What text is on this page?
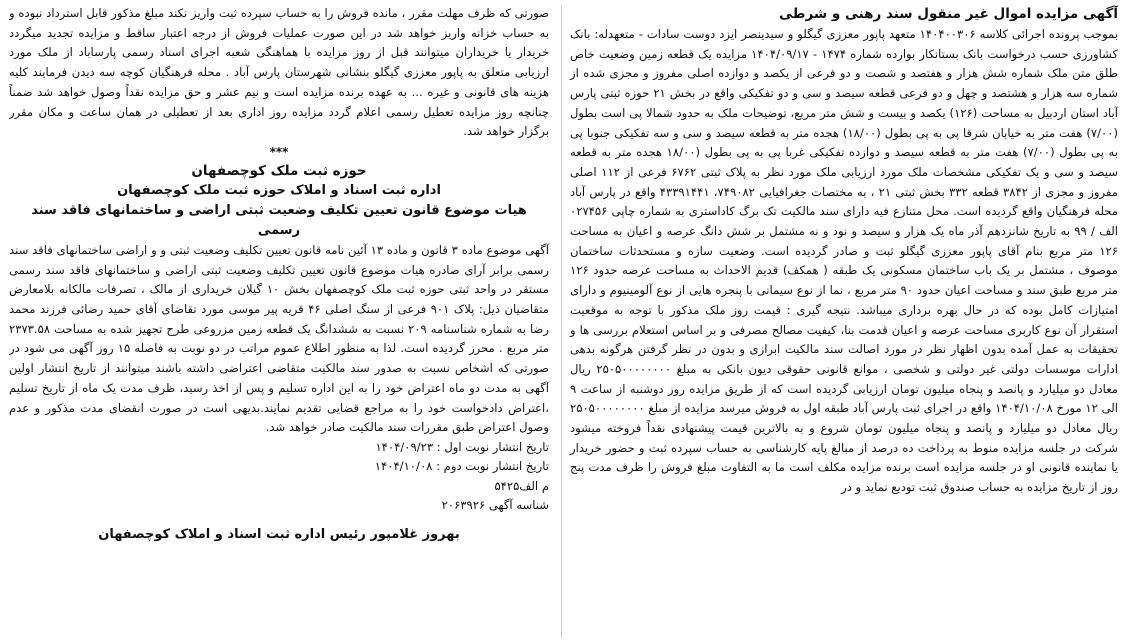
آگهی مزایده اموال غیر منقول سند رهنی و شرطی

بموجب پرونده اجرائی کلاسه ۱۴۰۴۰۰۳۰۶ متعهد پاپور معززی گیگلو و سیدینصر ایزد دوست سادات - متعهدله: بانک کشاورزی حسب درخواست بانک بستانکار بوارده شماره ۱۴۷۴ - ۱۴۰۴/۰۹/۱۷ مزایده یک قطعه زمین وضعیت خاص طلق متن ملک شماره شش هزار و هفتصد و شصت و دو فرعی از یکصد و دوازده اصلی مفروز و مجزی شده از شماره سه هزار و هشتصد و چهل و دو فرعی قطعه سیصد و سی و دو تفکیکی واقع در بخش ۲۱ حوزه ثبتی پارس آباد استان اردبیل به مساحت (۱۲۶) یکصد و بیست و شش متر مربع، توضیحات ملک به حدود شمالا پی است بطول (۷/۰۰) هفت متر به خیابان شرقا پی به پی بطول (۱۸/۰۰) هجده متر به قطعه سیصد و سی و سه تفکیکی جنوبا پی به پی بطول (۷/۰۰) هفت متر به قطعه سیصد و دوازده تفکیکی غربا پی به پی بطول (۱۸/۰۰ هجده متر به قطعه سیصد و سی و یک تفکیکی مشخصات ملک مورد ارزیابی ملک مورد نظر به پلاک ثبتی ۶۷۶۲ فرعی از ۱۱۲ اصلی مفروز و مجزی از ۳۸۴۲ قطعه ۳۳۲ بخش ثبتی ۲۱ ، به مختصات جغرافیایی ۷۴۹۰۸۲، ۴۳۳۹۱۴۴۱ واقع در پارس آباد محله فرهنگیان واقع گردیده است. محل متنازع فیه دارای سند مالکیت تک برگ کاداستری به شماره چاپی ۰۲۷۴۵۶ الف / ۹۹ به تاریخ شانزدهم آذر ماه یک هزار و سیصد و نود و نه مشتمل بر شش دانگ عرصه و اعیان به مساحت ۱۲۶ متر مربع بنام آقای پاپور معززی گیگلو ثبت و صادر گردیده است. وضعیت سازه و مستحدثات ساختمان موصوف ، مشتمل بر یک باب ساختمان مسکونی یک طبقه ( همکف) قدیم الاحداث به مساحت عرصه حدود ۱۲۶ متر مربع طبق سند و مساحت اعیان حدود ۹۰ متر مربع ، نما از نوع سیمانی با پنجره هایی از نوع آلومینیوم و دارای امتیازات کامل بوده که در حال بهره برداری میباشد. نتیجه گیری : قیمت روز ملک مذکور با توجه به موقعیت استقرار آن نوع کاربری مساحت عرصه و اعیان قدمت بنا، کیفیت مصالح مصرفی و بر اساس استعلام بررسی ها و تحقیقات به عمل آمده بدون اظهار نظر در مورد اصالت سند مالکیت ابرازی و بدون در نظر گرفتن هرگونه بدهی ادارات موسسات دولتی غیر دولتی و شخصی ، موانع قانونی حقوقی دیون بانکی به مبلغ ۲۵۰۵۰۰۰۰۰۰۰۰ ریال معادل دو میلیارد و پانصد و پنجاه میلیون تومان ارزیابی گردیده است که از طریق مزایده روز دوشنبه از ساعت ۹ الی ۱۲ مورخ ۱۴۰۴/۱۰/۰۸ واقع در اجرای ثبت پارس آباد طبقه اول به فروش میرسد مزایده از مبلغ ۲۵۰۵۰۰۰۰۰۰۰۰ ریال معادل دو میلیارد و پانصد و پنجاه میلیون تومان شروع و به بالاترین قیمت پیشنهادی نقداً فروخته میشود شرکت در جلسه مزایده منوط به پرداخت ده درصد از مبالغ پایه کارشناسی به حساب سپرده ثبت و حضور خریدار یا نماینده قانونی او در جلسه مزایده است برنده مزایده مکلف است ما به التفاوت مبلغ فروش را ظرف مدت پنج روز از تاریخ مزایده به حساب صندوق ثبت تودیع نماید و در

صورتی که ظرف مهلت مقرر ، مانده فروش را به حساب سپرده ثبت واریز نکند مبلغ مذکور قابل استرداد نبوده و به حساب خزانه واریز خواهد شد در این صورت عملیات فروش از درجه اعتبار ساقط و مزایده تجدید میگردد خریدار یا خریداران میتوانند قبل از روز مزایده با هماهنگی شعبه اجرای اسناد رسمی پارساباد از ملک مورد ارزیابی متعلق به پاپور معززی گیگلو بنشانی شهرستان پارس آباد . محله فرهنگیان کوچه سه دیدن فرمایند کلیه هزینه های قانونی و غیره ... به عهده برنده مزایده است و نیم عشر و حق مزایده نقداً وصول خواهد شد ضمناً چنانچه روز مزایده تعطیل رسمی اعلام گردد مزایده روز اداری بعد از تعطیلی در همان ساعت و مکان مقرر برگزار خواهد شد.

***
حوزه ثبت ملک کوچصفهان
اداره ثبت اسناد و املاک حوزه ثبت ملک کوچصفهان
هیات موضوع قانون تعیین تکلیف وضعیت ثبتی اراضی و ساختمانهای فاقد سند رسمی

آگهی موضوع ماده ۳ قانون و ماده ۱۳ آئین نامه قانون تعیین تکلیف وضعیت ثبتی و و اراضی ساختمانهای فاقد سند رسمی برابر آرای صادره هیات موضوع قانون تعیین تکلیف وضعیت ثبتی اراضی و ساختمانهای فاقد سند رسمی مستقر در واحد ثبتی حوزه ثبت ملک کوچصفهان بخش ۱۰ گیلان خریداری از مالک ، تصرفات مالکانه بلامعارض متقاضیان ذیل: پلاک ۹۰۱ فرعی از سنگ اصلی ۴۶ قریه پیر موسی مورد تقاضای آقای حمید رضائی فرزند محمد رضا به شماره شناسنامه ۲۰۹ نسبت به ششدانگ یک قطعه زمین مزروعی طرح تجهیز شده به مساحت ۲۳۷۳.۵۸ متر مربع . محرز گردیده است. لذا به منظور اطلاع عموم مراتب در دو نوبت به فاصله ۱۵ روز آگهی می شود در صورتی که اشخاص نسبت به صدور سند مالکیت متقاضی اعتراضی داشته باشند میتوانند از تاریخ انتشار اولین آگهی به مدت دو ماه اعتراض خود را به این اداره تسلیم و پس از اخذ رسید، ظرف مدت یک ماه از تاریخ تسلیم ،اعتراض دادخواست خود را به مراجع قضایی تقدیم نمایند.بدیهی است در صورت انقضای مدت مذکور و عدم وصول اعتراض طبق مقررات سند مالکیت صادر خواهد شد.

تاریخ انتشار نوبت اول : ۱۴۰۴/۰۹/۲۳
تاریخ انتشار نوبت دوم : ۱۴۰۴/۱۰/۰۸
م الف۵۴۲۵
شناسه آگهی ۲۰۶۳۹۲۶
بهروز غلامپور رئیس اداره ثبت اسناد و املاک کوچصفهان
